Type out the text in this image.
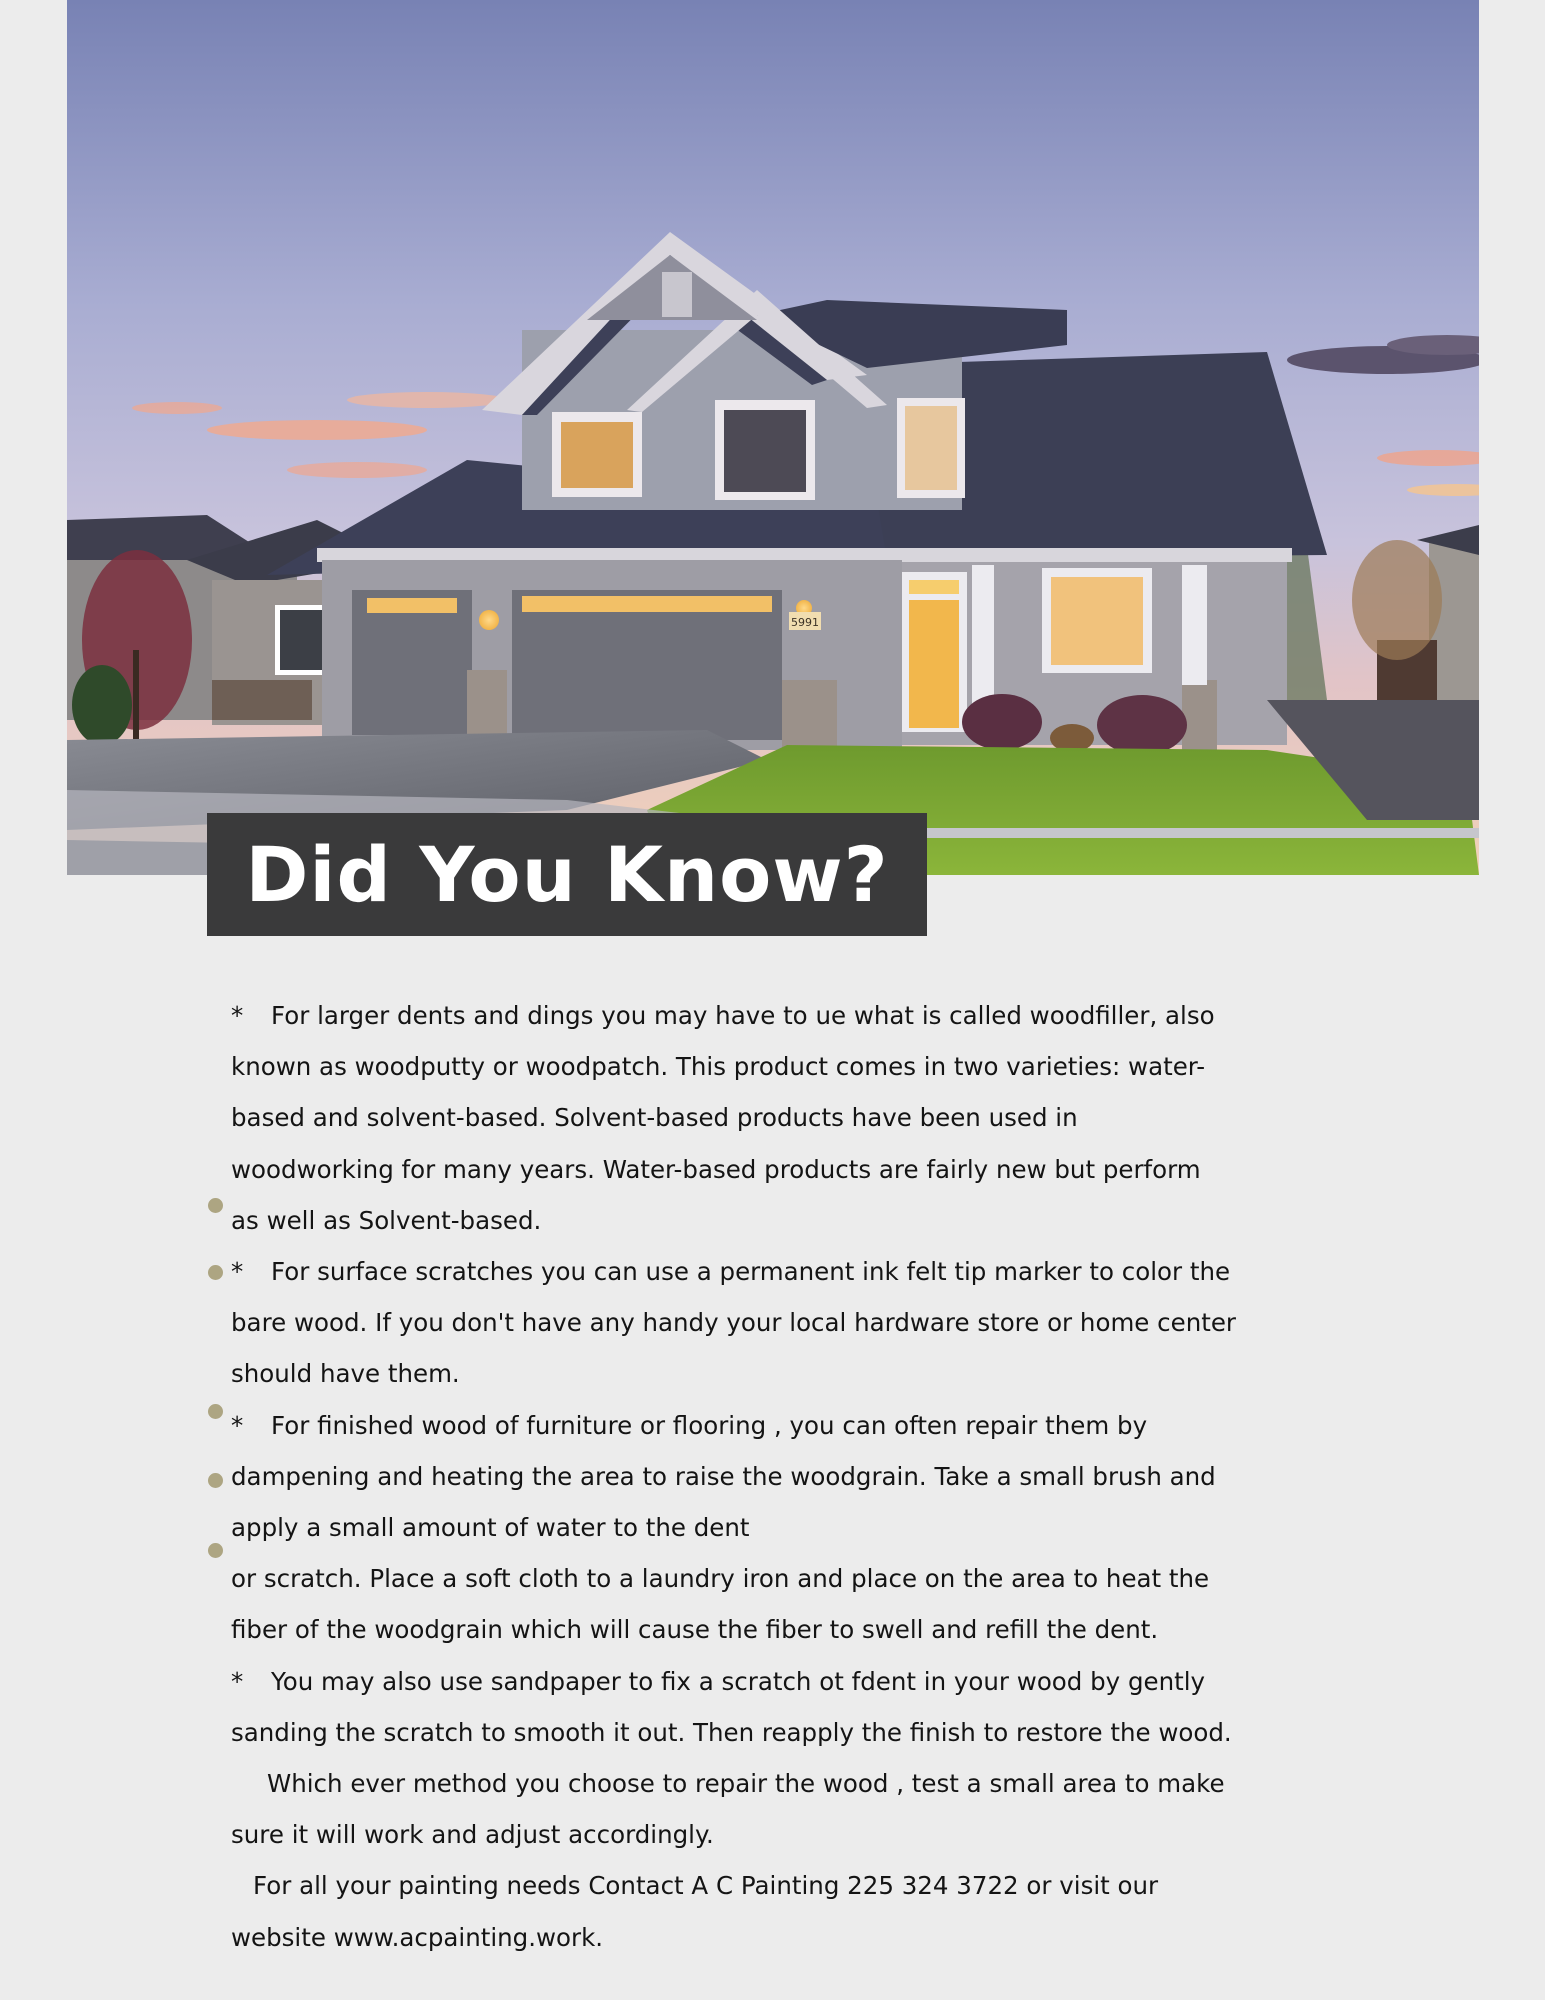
5991
Did You Know?

* For larger dents and dings you may have to ue what is called woodfiller, also
known as woodputty or woodpatch. This product comes in two varieties: water-
based and solvent-based. Solvent-based products have been used in
woodworking for many years. Water-based products are fairly new but perform
as well as Solvent-based.

* For surface scratches you can use a permanent ink felt tip marker to color the
bare wood. If you don't have any handy your local hardware store or home center
should have them.

* For finished wood of furniture or flooring , you can often repair them by
dampening and heating the area to raise the woodgrain. Take a small brush and
apply a small amount of water to the dent
or scratch. Place a soft cloth to a laundry iron and place on the area to heat the
fiber of the woodgrain which will cause the fiber to swell and refill the dent.

* You may also use sandpaper to fix a scratch ot fdent in your wood by gently
sanding the scratch to smooth it out. Then reapply the finish to restore the wood.

Which ever method you choose to repair the wood , test a small area to make
sure it will work and adjust accordingly.

For all your painting needs Contact A C Painting 225 324 3722 or visit our
website www.acpainting.work.
